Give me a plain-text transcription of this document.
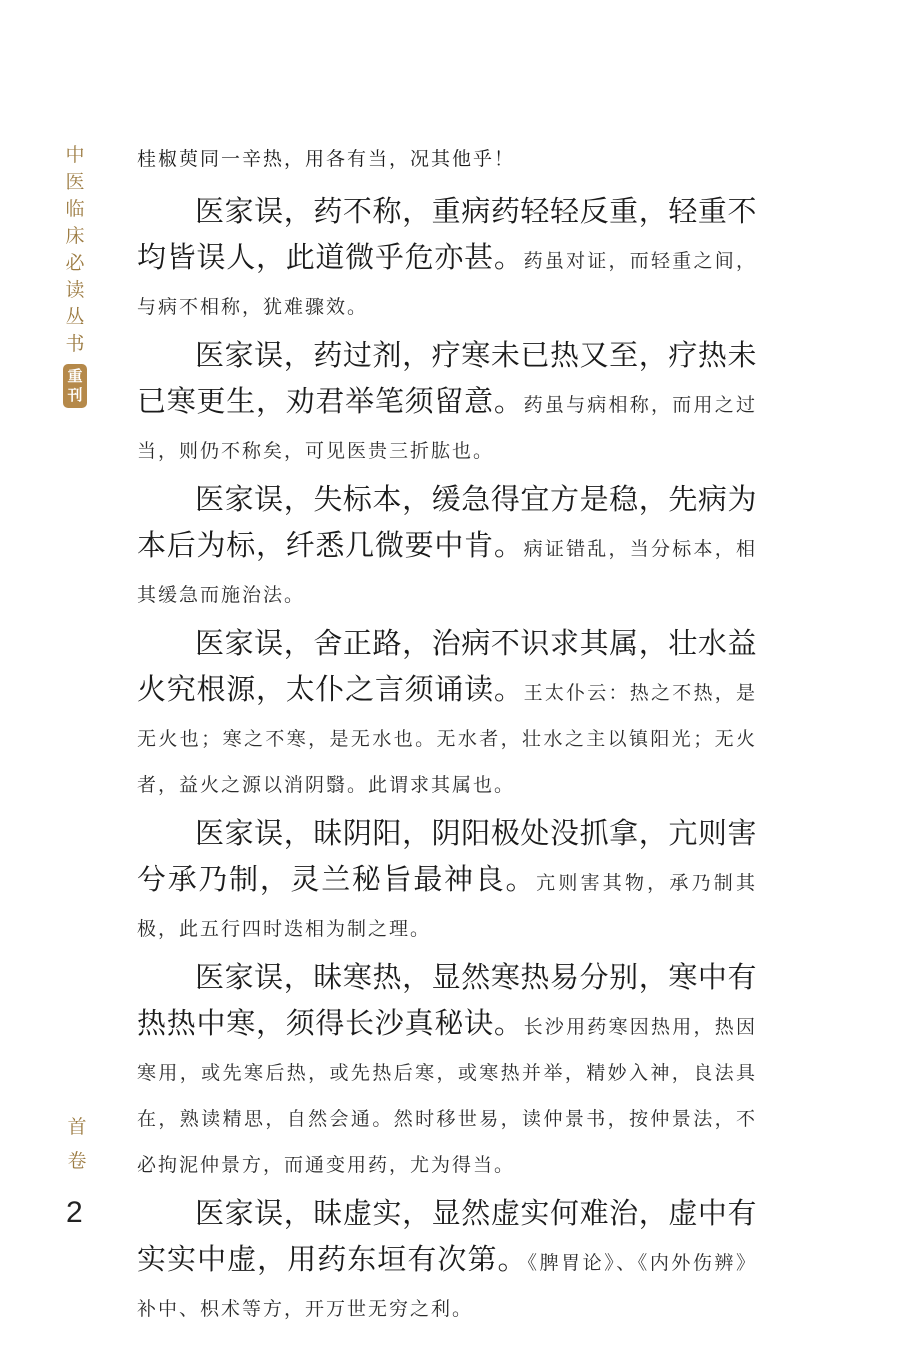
中
医
临
床
必
读
丛
书
重
刊
首
卷
2

桂椒萸同一辛热，用各有当，况其他乎！

医家误，药不称，重病药轻轻反重，轻重不均皆误人，此道微乎危亦甚。药虽对证，而轻重之间，与病不相称，犹难骤效。

医家误，药过剂，疗寒未已热又至，疗热未已寒更生，劝君举笔须留意。药虽与病相称，而用之过当，则仍不称矣，可见医贵三折肱也。

医家误，失标本，缓急得宜方是稳，先病为本后为标，纤悉几微要中肯。病证错乱，当分标本，相其缓急而施治法。

医家误，舍正路，治病不识求其属，壮水益火究根源，太仆之言须诵读。王太仆云：热之不热，是无火也；寒之不寒，是无水也。无水者，壮水之主以镇阳光；无火者，益火之源以消阴翳。此谓求其属也。

医家误，昧阴阳，阴阳极处没抓拿，亢则害兮承乃制，灵兰秘旨最神良。亢则害其物，承乃制其极，此五行四时迭相为制之理。

医家误，昧寒热，显然寒热易分别，寒中有热热中寒，须得长沙真秘诀。长沙用药寒因热用，热因寒用，或先寒后热，或先热后寒，或寒热并举，精妙入神，良法具在，熟读精思，自然会通。然时移世易，读仲景书，按仲景法，不必拘泥仲景方，而通变用药，尤为得当。

医家误，昧虚实，显然虚实何难治，虚中有实实中虚，用药东垣有次第。《脾胃论》、《内外伤辨》补中、枳术等方，开万世无穷之利。
